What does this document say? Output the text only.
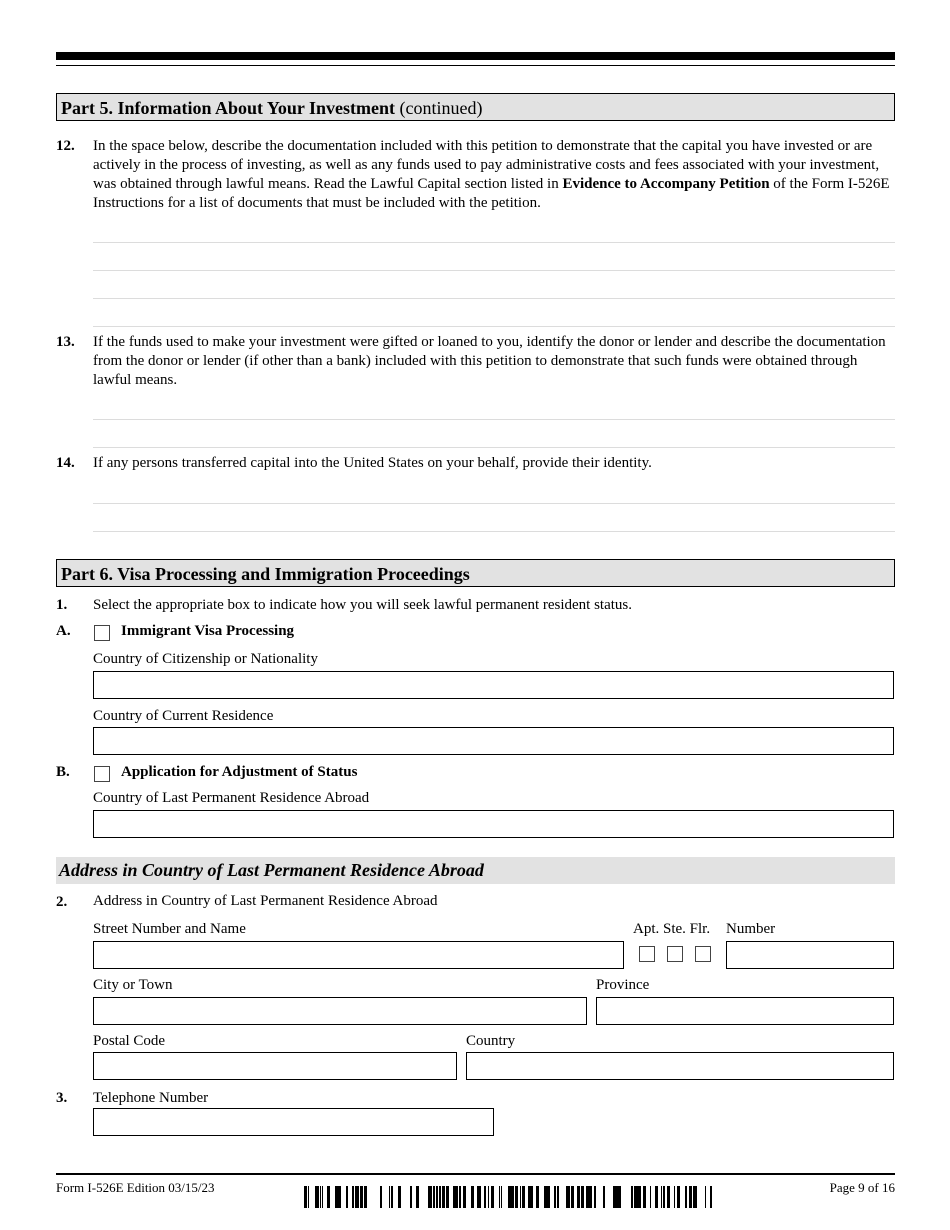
Part 5. Information About Your Investment (continued)
12. In the space below, describe the documentation included with this petition to demonstrate that the capital you have invested or are actively in the process of investing, as well as any funds used to pay administrative costs and fees associated with your investment, was obtained through lawful means. Read the Lawful Capital section listed in Evidence to Accompany Petition of the Form I-526E Instructions for a list of documents that must be included with the petition.
13. If the funds used to make your investment were gifted or loaned to you, identify the donor or lender and describe the documentation from the donor or lender (if other than a bank) included with this petition to demonstrate that such funds were obtained through lawful means.
14. If any persons transferred capital into the United States on your behalf, provide their identity.
Part 6. Visa Processing and Immigration Proceedings
1. Select the appropriate box to indicate how you will seek lawful permanent resident status.
A.	Immigrant Visa Processing
Country of Citizenship or Nationality
Country of Current Residence
B.	Application for Adjustment of Status
Country of Last Permanent Residence Abroad
Address in Country of Last Permanent Residence Abroad
2. Address in Country of Last Permanent Residence Abroad
Street Number and Name	Apt. Ste. Flr. Number
City or Town	Province
Postal Code	Country
3. Telephone Number
Form I-526E Edition 03/15/23	Page 9 of 16
